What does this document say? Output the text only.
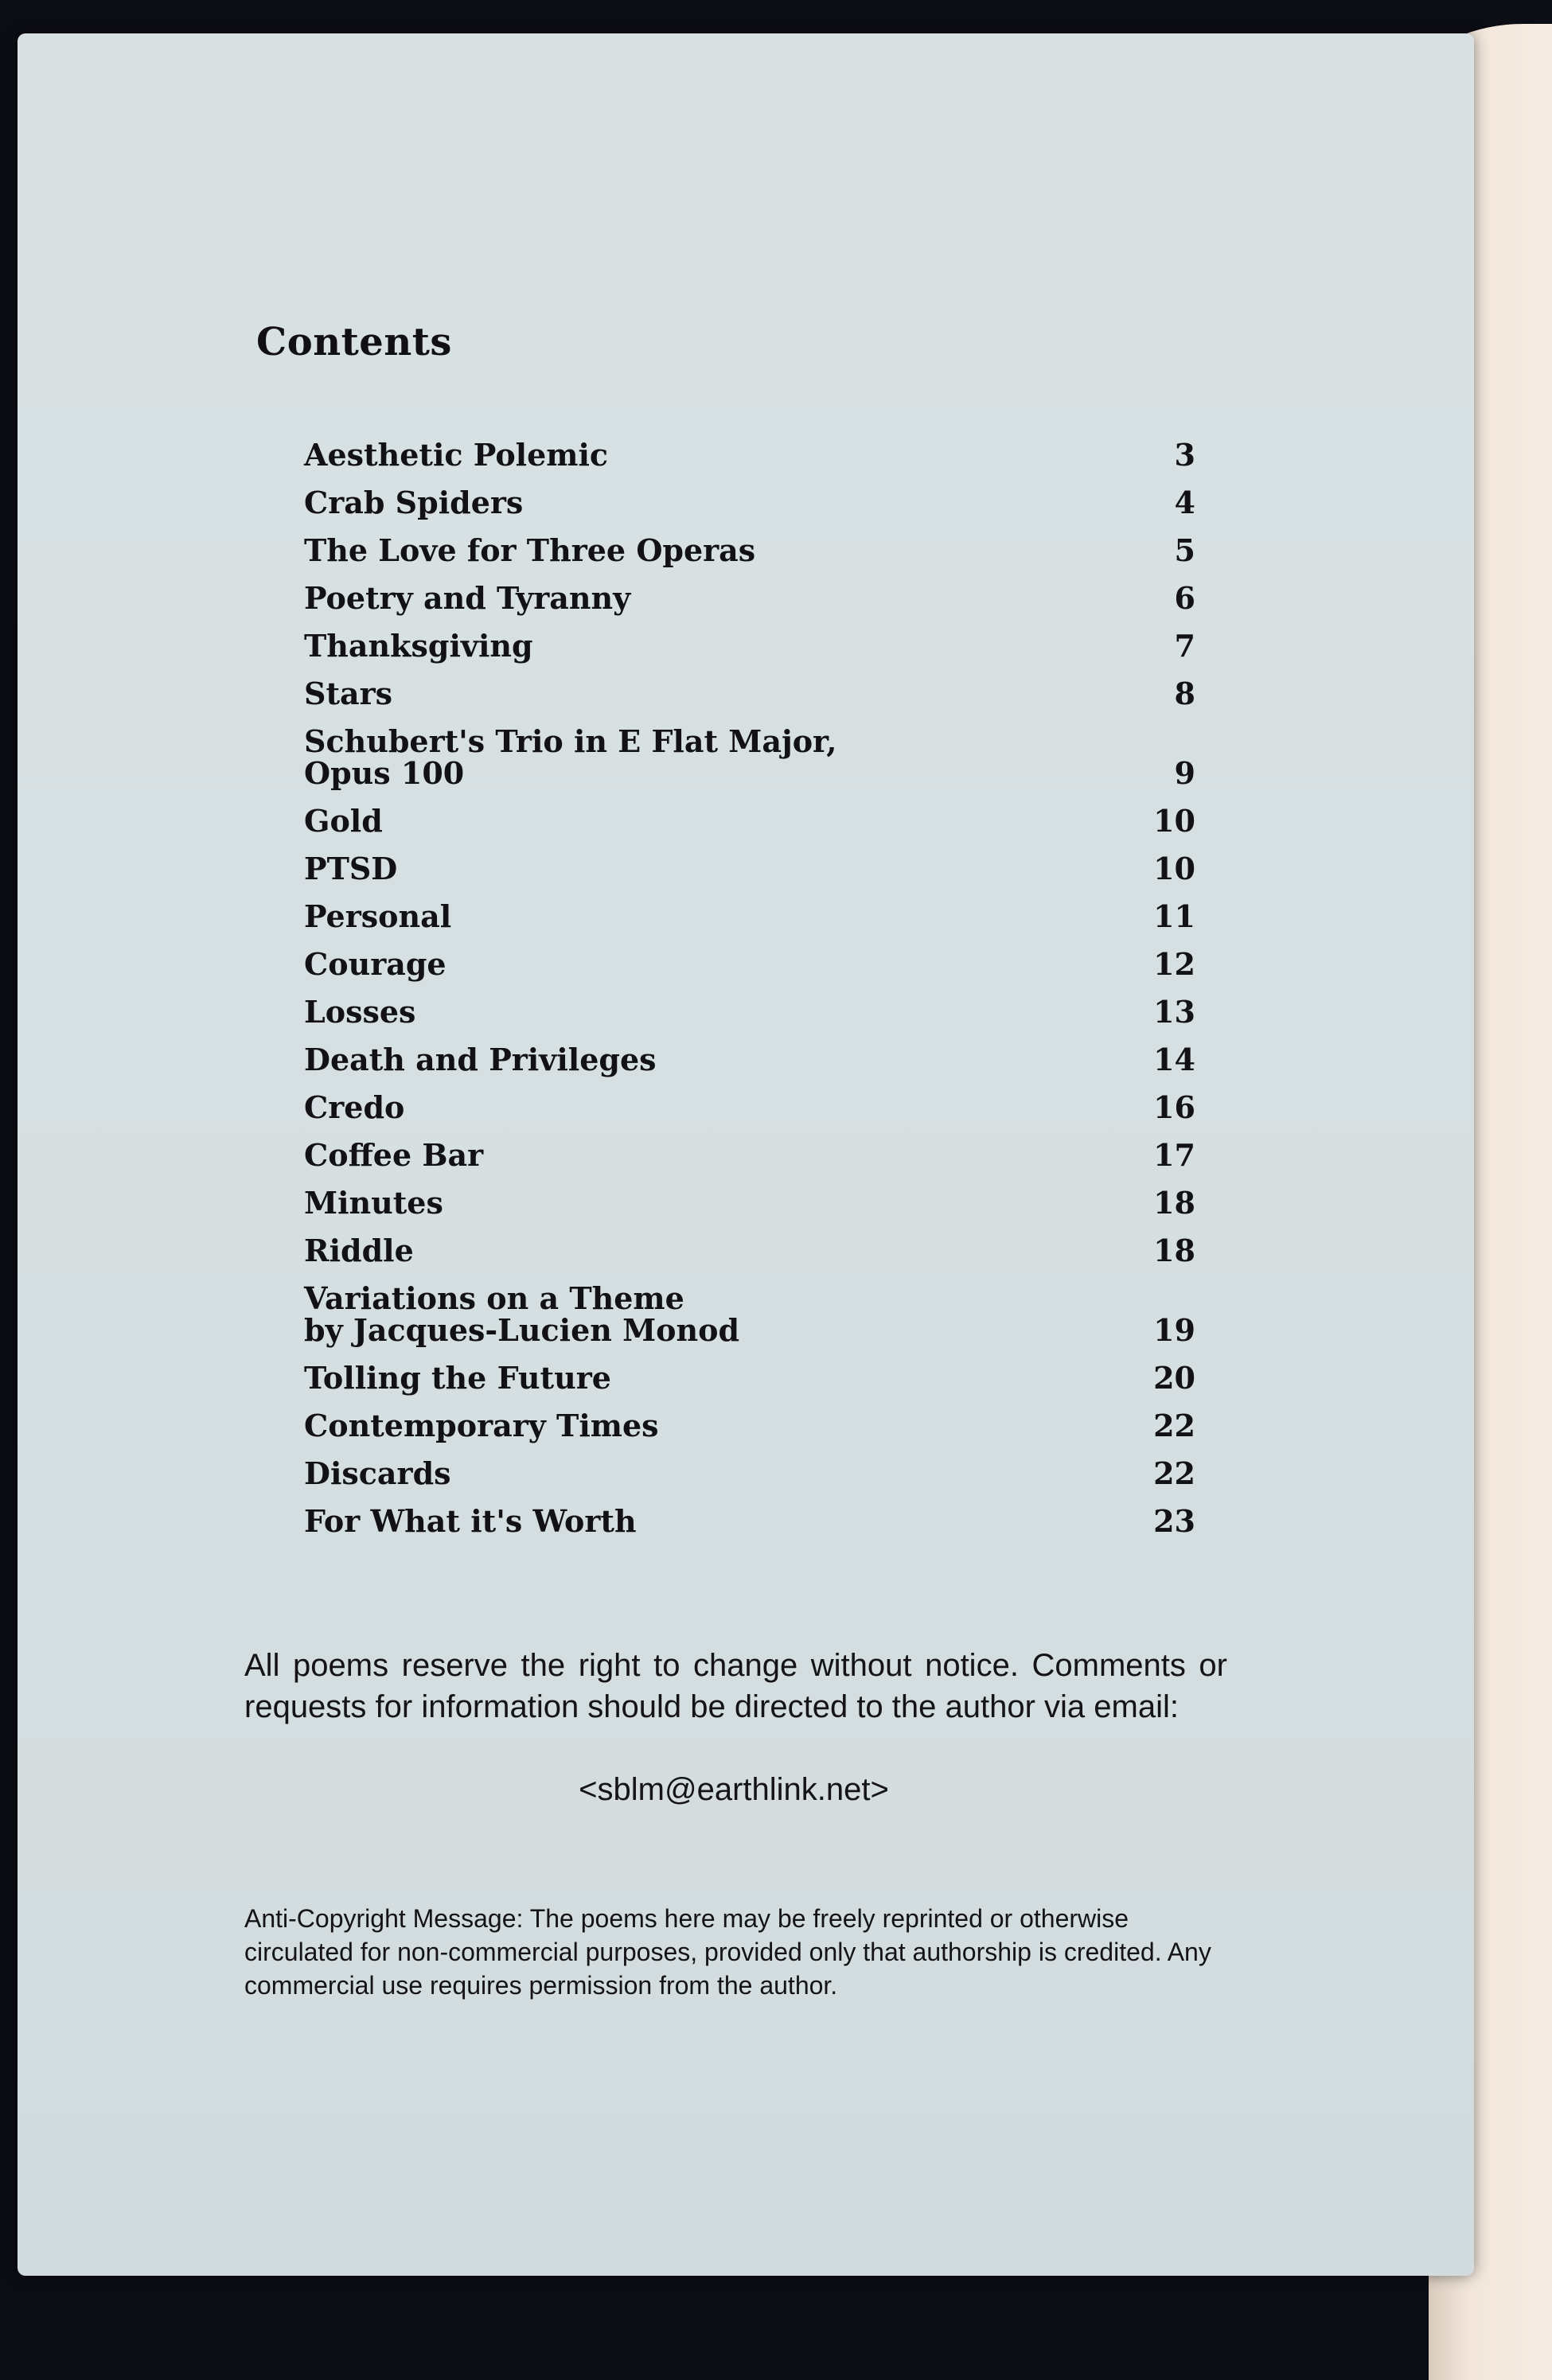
Contents
Aesthetic Polemic	3
Crab Spiders	4
The Love for Three Operas	5
Poetry and Tyranny	6
Thanksgiving	7
Stars	8
Schubert's Trio in E Flat Major,
Opus 100	9
Gold	10
PTSD	10
Personal	11
Courage	12
Losses	13
Death and Privileges	14
Credo	16
Coffee Bar	17
Minutes	18
Riddle	18
Variations on a Theme
by Jacques-Lucien Monod	19
Tolling the Future	20
Contemporary Times	22
Discards	22
For What it's Worth	23

All poems reserve the right to change without notice. Comments or requests for information should be directed to the author via email:

<sblm@earthlink.net>

Anti-Copyright Message: The poems here may be freely reprinted or otherwise circulated for non-commercial purposes, provided only that authorship is credited. Any commercial use requires permission from the author.
